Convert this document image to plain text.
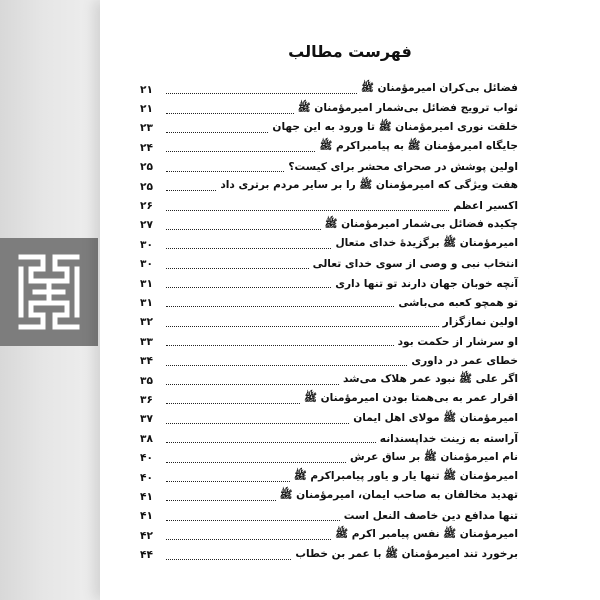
فهرست مطالب
فضائل بی‌کران امیرمؤمنان ﷺ
۲۱
ثواب ترویج فضائل بی‌شمار امیرمؤمنان ﷺ
۲۱
خلقت نوری امیرمؤمنان ﷺ تا ورود به این جهان
۲۳
جایگاه امیرمؤمنان ﷺ به پیامبراکرم ﷺ
۲۴
اولین پوشش در صحرای محشر برای کیست؟
۲۵
هفت ویژگی که امیرمؤمنان ﷺ را بر سایر مردم برتری داد
۲۵
اکسیر اعظم
۲۶
چکیده فضائل بی‌شمار امیرمؤمنان ﷺ
۲۷
امیرمؤمنان ﷺ برگزیدهٔ خدای متعال
۳۰
انتخاب نبی و وصی از سوی خدای تعالی
۳۰
آنچه خوبان جهان دارند تو تنها داری
۳۱
تو همچو کعبه می‌باشی
۳۱
اولین نمازگزار
۳۲
او سرشار از حکمت بود
۳۳
خطای عمر در داوری
۳۴
اگر علی ﷺ نبود عمر هلاک می‌شد
۳۵
اقرار عمر به بی‌همتا بودن امیرمؤمنان ﷺ
۳۶
امیرمؤمنان ﷺ مولای اهل ایمان
۳۷
آراسته به زینت خداپسندانه
۳۸
نام امیرمؤمنان ﷺ بر ساق عرش
۴۰
امیرمؤمنان ﷺ تنها یار و یاور پیامبراکرم ﷺ
۴۰
تهدید مخالفان به صاحب ایمان، امیرمؤمنان ﷺ
۴۱
تنها مدافع دین خاصف النعل است
۴۱
امیرمؤمنان ﷺ نفس پیامبر اکرم ﷺ
۴۲
برخورد تند امیرمؤمنان ﷺ با عمر بن خطاب
۴۴
